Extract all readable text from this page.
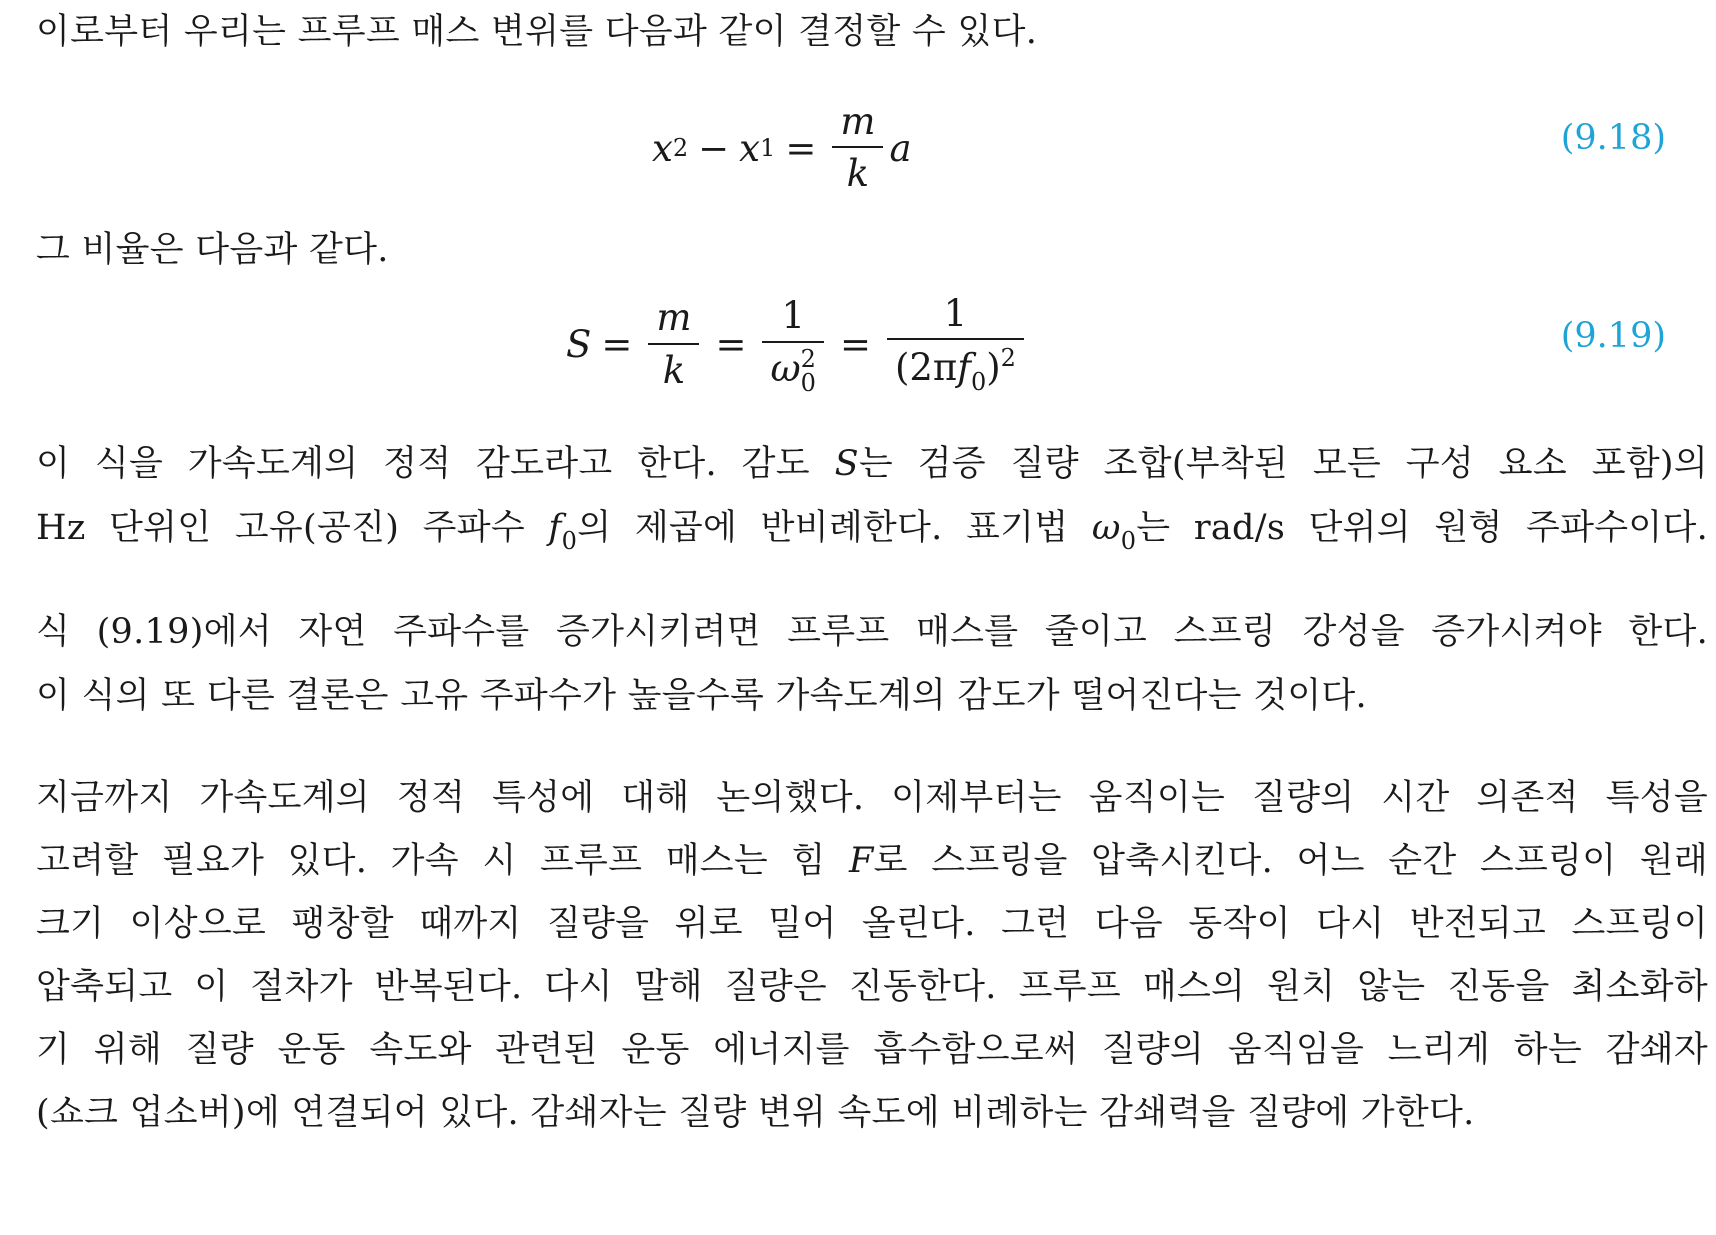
이로부터 우리는 프루프 매스 변위를 다음과 같이 결정할 수 있다.

x 2 − x $1 = \frac{m}{k}$ a	(9.18)

그 비율은 다음과 같다.

$S = \frac{m}{k} = 1$
ω 2
$0 = \frac{1}{(2\pi f_0)^2}$	(9.19)

이 식을 가속도계의 정적 감도라고 한다. 감도 S는 검증 질량 조합(부착된 모든 구성 요소 포함)의

Hz 단위인 고유(공진) 주파수 $f_0$의 제곱에 반비례한다. 표기법 $\omega_0$는 rad/s 단위의 원형 주파수이다.

식 (9.19)에서 자연 주파수를 증가시키려면 프루프 매스를 줄이고 스프링 강성을 증가시켜야 한다.

이 식의 또 다른 결론은 고유 주파수가 높을수록 가속도계의 감도가 떨어진다는 것이다.

지금까지 가속도계의 정적 특성에 대해 논의했다. 이제부터는 움직이는 질량의 시간 의존적 특성을

고려할 필요가 있다. 가속 시 프루프 매스는 힘 F로 스프링을 압축시킨다. 어느 순간 스프링이 원래

크기 이상으로 팽창할 때까지 질량을 위로 밀어 올린다. 그런 다음 동작이 다시 반전되고 스프링이

압축되고 이 절차가 반복된다. 다시 말해 질량은 진동한다. 프루프 매스의 원치 않는 진동을 최소화하

기 위해 질량 운동 속도와 관련된 운동 에너지를 흡수함으로써 질량의 움직임을 느리게 하는 감쇄자

(쇼크 업소버)에 연결되어 있다. 감쇄자는 질량 변위 속도에 비례하는 감쇄력을 질량에 가한다.
